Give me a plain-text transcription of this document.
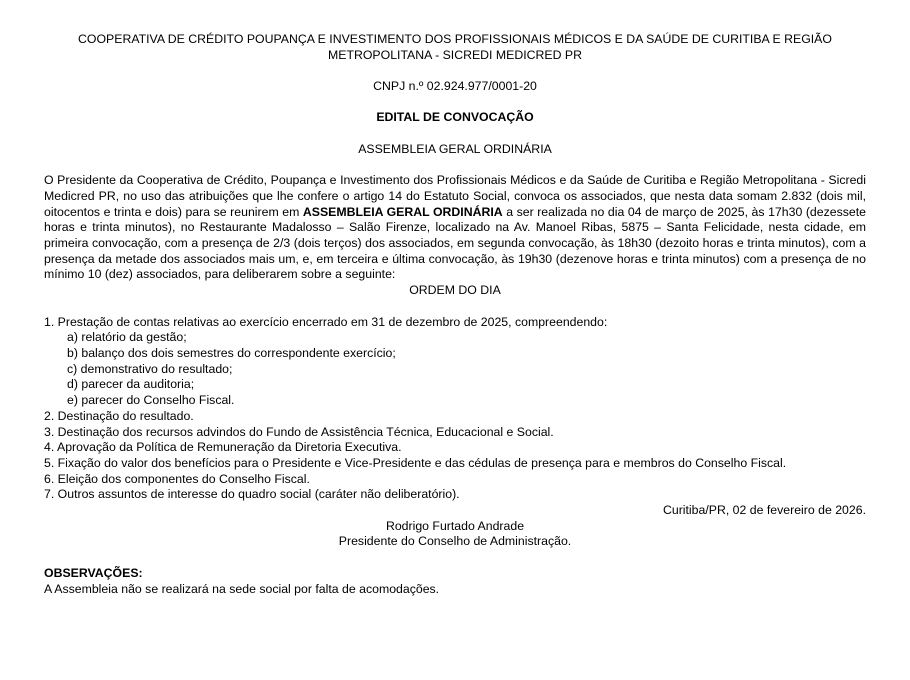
COOPERATIVA DE CRÉDITO POUPANÇA E INVESTIMENTO DOS PROFISSIONAIS MÉDICOS E DA SAÚDE DE CURITIBA E REGIÃO METROPOLITANA - SICREDI MEDICRED PR

CNPJ n.º 02.924.977/0001-20

EDITAL DE CONVOCAÇÃO

ASSEMBLEIA GERAL ORDINÁRIA

O Presidente da Cooperativa de Crédito, Poupança e Investimento dos Profissionais Médicos e da Saúde de Curitiba e Região Metropolitana - Sicredi Medicred PR, no uso das atribuições que lhe confere o artigo 14 do Estatuto Social, convoca os associados, que nesta data somam 2.832 (dois mil, oitocentos e trinta e dois) para se reunirem em ASSEMBLEIA GERAL ORDINÁRIA a ser realizada no dia 04 de março de 2025, às 17h30 (dezessete horas e trinta minutos), no Restaurante Madalosso – Salão Firenze, localizado na Av. Manoel Ribas, 5875 – Santa Felicidade, nesta cidade, em primeira convocação, com a presença de 2/3 (dois terços) dos associados, em segunda convocação, às 18h30 (dezoito horas e trinta minutos), com a presença da metade dos associados mais um, e, em terceira e última convocação, às 19h30 (dezenove horas e trinta minutos) com a presença de no mínimo 10 (dez) associados, para deliberarem sobre a seguinte:

ORDEM DO DIA

1. Prestação de contas relativas ao exercício encerrado em 31 de dezembro de 2025, compreendendo:

a) relatório da gestão;

b) balanço dos dois semestres do correspondente exercício;

c) demonstrativo do resultado;

d) parecer da auditoria;

e) parecer do Conselho Fiscal.

2. Destinação do resultado.

3. Destinação dos recursos advindos do Fundo de Assistência Técnica, Educacional e Social.

4. Aprovação da Política de Remuneração da Diretoria Executiva.

5. Fixação do valor dos benefícios para o Presidente e Vice-Presidente e das cédulas de presença para e membros do Conselho Fiscal.

6. Eleição dos componentes do Conselho Fiscal.

7. Outros assuntos de interesse do quadro social (caráter não deliberatório).

Curitiba/PR, 02 de fevereiro de 2026.

Rodrigo Furtado Andrade

Presidente do Conselho de Administração.

OBSERVAÇÕES:

A Assembleia não se realizará na sede social por falta de acomodações.
